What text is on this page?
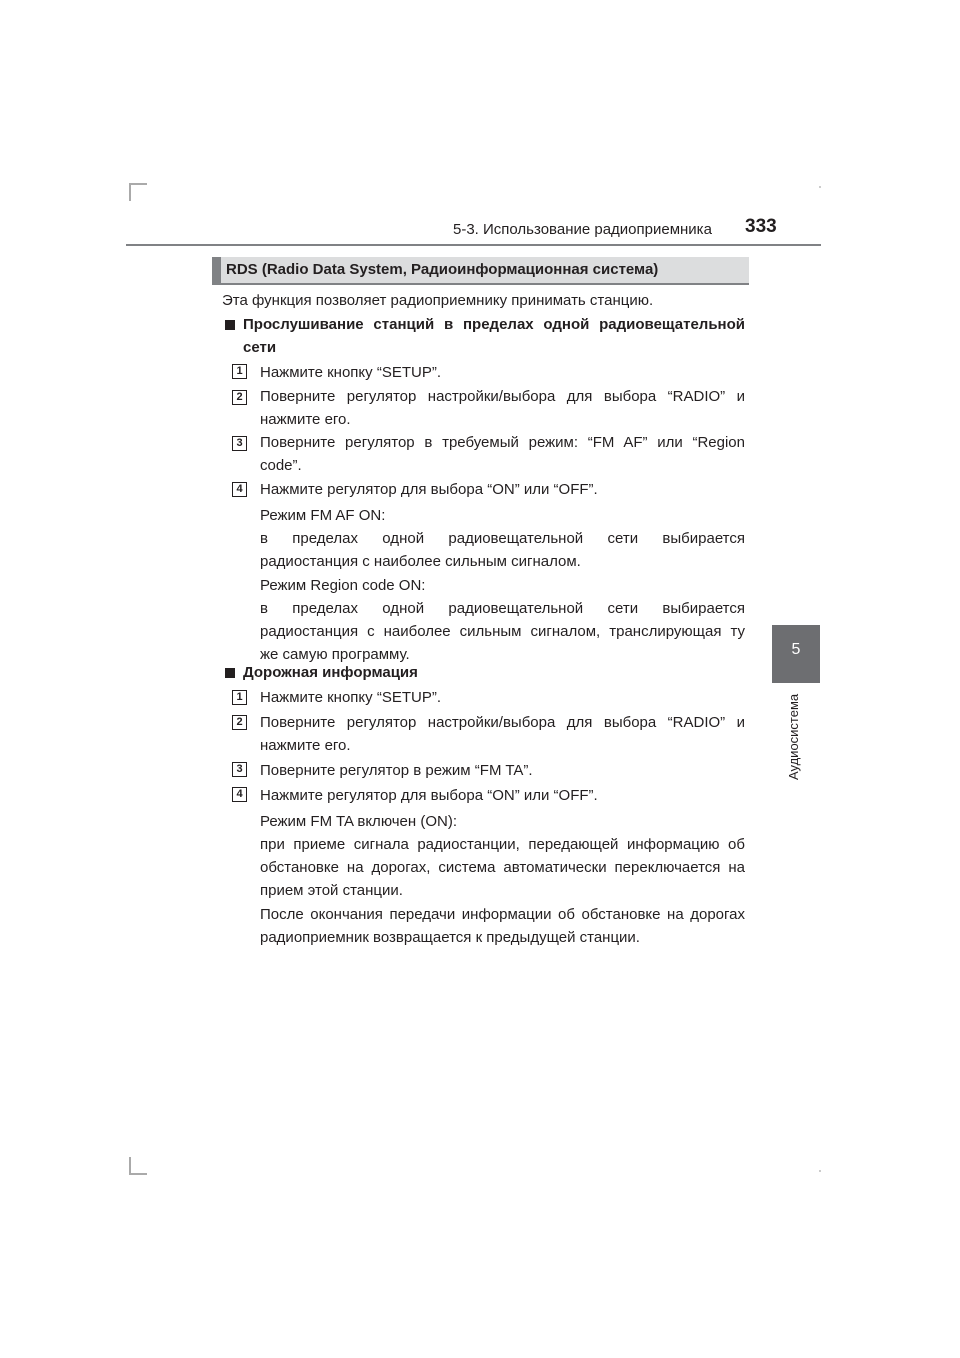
5-3. Использование радиоприемника 333
5
Аудиосистема
RDS (Radio Data System, Радиоинформационная система)
Эта функция позволяет радиоприемнику принимать станцию.
Прослушивание станций в пределах одной радиовещательной
сети
1 Нажмите кнопку “SETUP”.
2 Поверните регулятор настройки/выбора для выбора “RADIO” и
нажмите его.
3 Поверните регулятор в требуемый режим: “FM AF” или “Region
code”.
4 Нажмите регулятор для выбора “ON” или “OFF”.
Режим FM AF ON:
в пределах одной радиовещательной сети выбирается
радиостанция с наиболее сильным сигналом.
Режим Region code ON:
в пределах одной радиовещательной сети выбирается
радиостанция с наиболее сильным сигналом, транслирующая ту
же самую программу.
Дорожная информация
1 Нажмите кнопку “SETUP”.
2 Поверните регулятор настройки/выбора для выбора “RADIO” и
нажмите его.
3 Поверните регулятор в режим “FM TA”.
4 Нажмите регулятор для выбора “ON” или “OFF”.
Режим FM TA включен (ON):
при приеме сигнала радиостанции, передающей информацию об
обстановке на дорогах, система автоматически переключается на
прием этой станции.
После окончания передачи информации об обстановке на дорогах
радиоприемник возвращается к предыдущей станции.
